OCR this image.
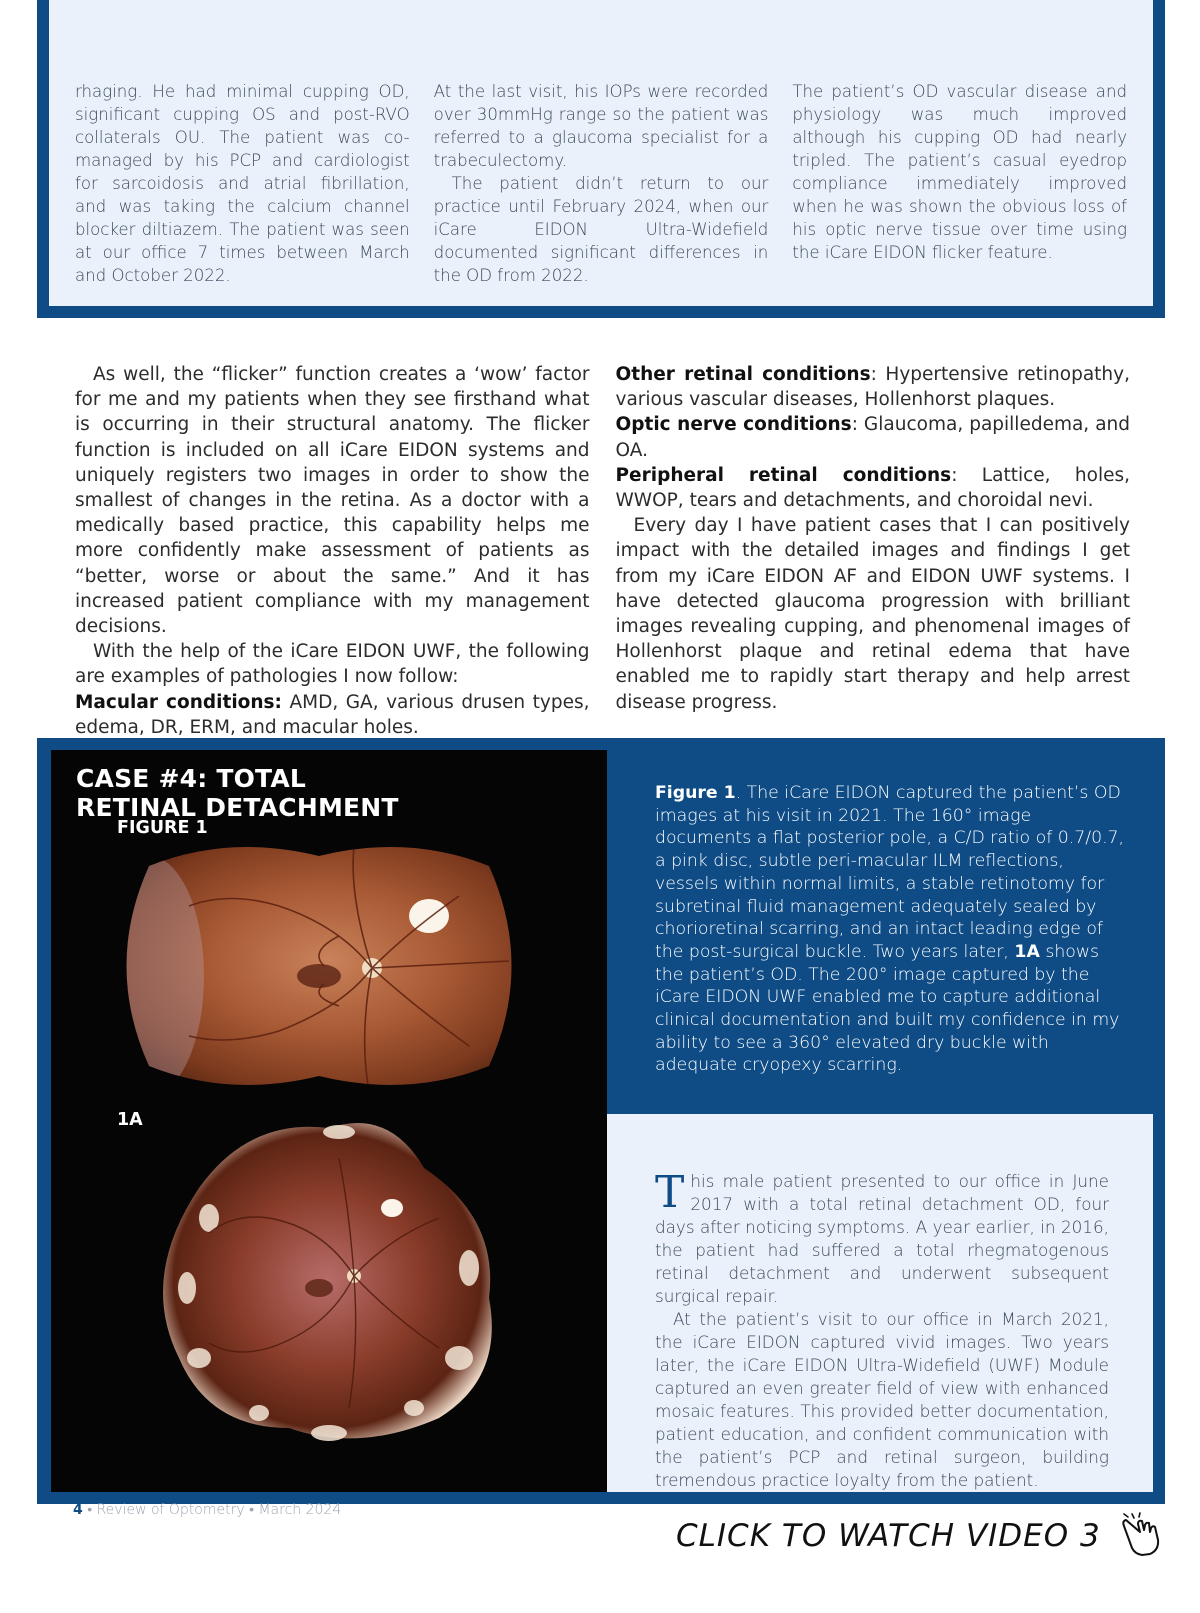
rhaging. He had minimal cupping OD, significant cupping OS and post-RVO collaterals OU. The patient was co-managed by his PCP and cardiologist for sarcoidosis and atrial fibrillation, and was taking the calcium channel blocker diltiazem. The patient was seen at our office 7 times between March and October 2022.

At the last visit, his IOPs were recorded over 30mmHg range so the patient was referred to a glaucoma specialist for a trabeculectomy.

The patient didn’t return to our practice until February 2024, when our iCare EIDON Ultra-Widefield documented significant differences in the OD from 2022.

The patient’s OD vascular disease and physiology was much improved although his cupping OD had nearly tripled. The patient’s casual eyedrop compliance immediately improved when he was shown the obvious loss of his optic nerve tissue over time using the iCare EIDON flicker feature.

As well, the “flicker” function creates a ‘wow’ factor for me and my patients when they see firsthand what is occurring in their structural anatomy. The flicker function is included on all iCare EIDON systems and uniquely registers two images in order to show the smallest of changes in the retina. As a doctor with a medically based practice, this capability helps me more confidently make assessment of patients as “better, worse or about the same.” And it has increased patient compliance with my management decisions.

With the help of the iCare EIDON UWF, the following are examples of pathologies I now follow:

Macular conditions: AMD, GA, various drusen types, edema, DR, ERM, and macular holes.

Other retinal conditions: Hypertensive retinopathy, various vascular diseases, Hollenhorst plaques.

Optic nerve conditions: Glaucoma, papilledema, and OA.

Peripheral retinal conditions: Lattice, holes, WWOP, tears and detachments, and choroidal nevi.

Every day I have patient cases that I can positively impact with the detailed images and findings I get from my iCare EIDON AF and EIDON UWF systems. I have detected glaucoma progression with brilliant images revealing cupping, and phenomenal images of Hollenhorst plaque and retinal edema that have enabled me to rapidly start therapy and help arrest disease progress.

CASE #4: TOTAL
RETINAL DETACHMENT
FIGURE 1
1A
Figure 1. The iCare EIDON captured the patient’s OD images at his visit in 2021. The 160° image documents a flat posterior pole, a C/D ratio of 0.7/0.7, a pink disc, subtle peri-macular ILM reflections, vessels within normal limits, a stable retinotomy for subretinal fluid management adequately sealed by chorioretinal scarring, and an intact leading edge of the post-surgical buckle. Two years later, 1A shows the patient’s OD. The 200° image captured by the iCare EIDON UWF enabled me to capture additional clinical documentation and built my confidence in my ability to see a 360° elevated dry buckle with adequate cryopexy scarring.

This male patient presented to our office in June 2017 with a total retinal detachment OD, four days after noticing symptoms. A year earlier, in 2016, the patient had suffered a total rhegmatogenous retinal detachment and underwent subsequent surgical repair.

At the patient’s visit to our office in March 2021, the iCare EIDON captured vivid images. Two years later, the iCare EIDON Ultra-Widefield (UWF) Module captured an even greater field of view with enhanced mosaic features. This provided better documentation, patient education, and confident communication with the patient’s PCP and retinal surgeon, building tremendous practice loyalty from the patient.

4 • Review of Optometry • March 2024
CLICK TO WATCH VIDEO 3
